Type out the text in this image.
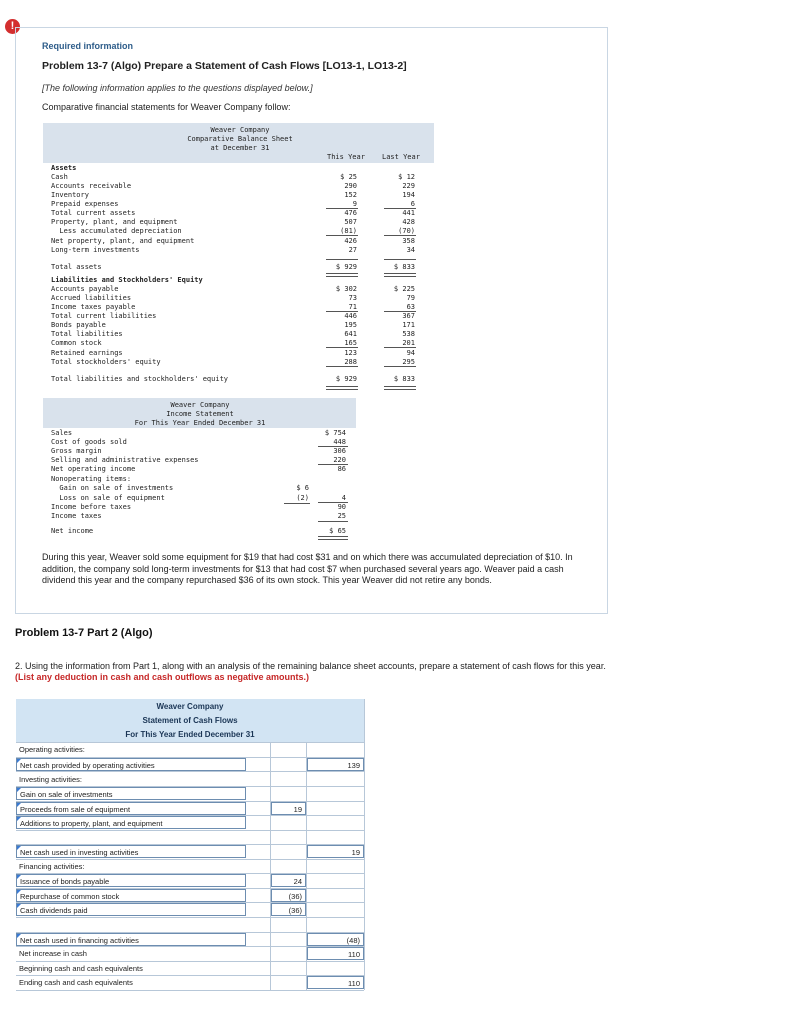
!
Required information
Problem 13-7 (Algo) Prepare a Statement of Cash Flows [LO13-1, LO13-2]
[The following information applies to the questions displayed below.]
Comparative financial statements for Weaver Company follow:
Weaver Company
Comparative Balance Sheet
at December 31
This Year Last Year
Weaver Company
Income Statement
For This Year Ended December 31
During this year, Weaver sold some equipment for $19 that had cost $31 and on which there was accumulated depreciation of $10. In addition, the company sold long-term investments for $13 that had cost $7 when purchased several years ago. Weaver paid a cash dividend this year and the company repurchased $36 of its own stock. This year Weaver did not retire any bonds.
Problem 13-7 Part 2 (Algo)
2. Using the information from Part 1, along with an analysis of the remaining balance sheet accounts, prepare a statement of cash flows for this year. (List any deduction in cash and cash outflows as negative amounts.)
Weaver Company
Statement of Cash Flows
For This Year Ended December 31
Assets
Cash	$ 25	$ 12
Accounts receivable	290	229
Inventory	152	194
Prepaid expenses	9	6
Total current assets	476	441
Property, plant, and equipment	507	428
Less accumulated depreciation	(81)	(70)
Net property, plant, and equipment	426	358
Long-term investments	27	34
Total assets	$ 929	$ 833
Liabilities and Stockholders' Equity
Accounts payable	$ 302	$ 225
Accrued liabilities	73	79
Income taxes payable	71	63
Total current liabilities	446	367
Bonds payable	195	171
Total liabilities	641	538
Common stock	165	201
Retained earnings	123	94
Total stockholders' equity	288	295
Total liabilities and stockholders' equity	$ 929	$ 833
Sales	$ 754
Cost of goods sold	448
Gross margin	306
Selling and administrative expenses	220
Net operating income	86
Nonoperating items:
Gain on sale of investments	$ 6
Loss on sale of equipment	(2)	4
Income before taxes	90
Income taxes	25
Net income	$ 65
Operating activities:
Net cash provided by operating activities	139
Investing activities:
Gain on sale of investments
Proceeds from sale of equipment	19
Additions to property, plant, and equipment
Net cash used in investing activities	19
Financing activities:
Issuance of bonds payable	24
Repurchase of common stock	(36)
Cash dividends paid	(36)
Net cash used in financing activities	(48)
Net increase in cash	110
Beginning cash and cash equivalents
Ending cash and cash equivalents	110
